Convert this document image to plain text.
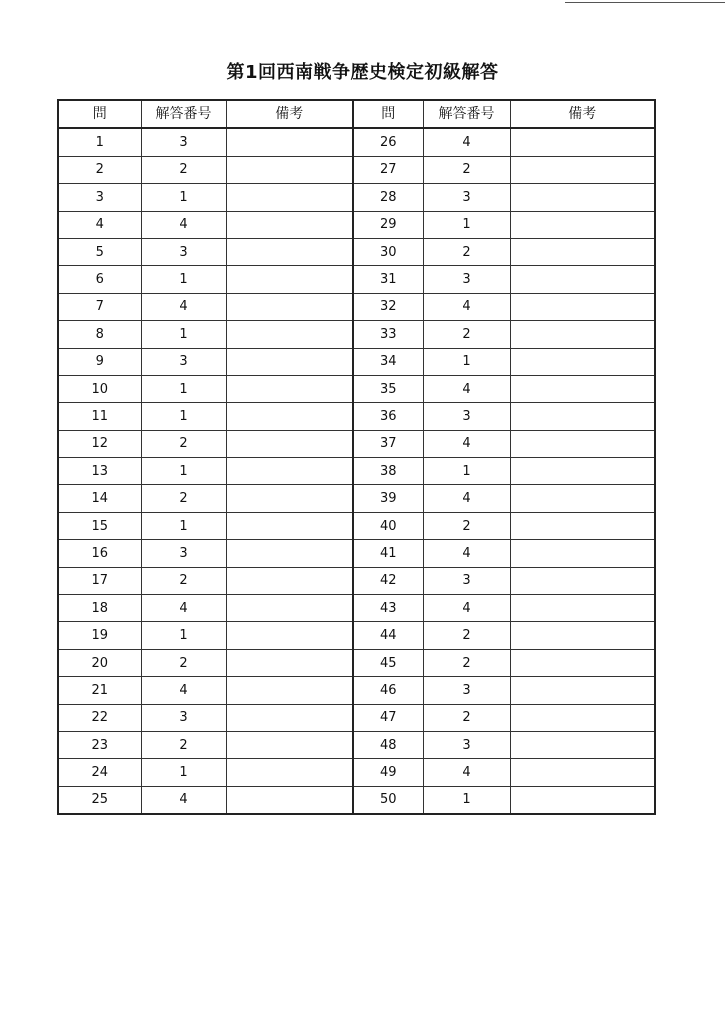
第1回西南戦争歴史検定初級解答
問	解答番号	備考	問	解答番号	備考
1	3		26	4	
2	2		27	2	
3	1		28	3	
4	4		29	1	
5	3		30	2	
6	1		31	3	
7	4		32	4	
8	1		33	2	
9	3		34	1	
10	1		35	4	
11	1		36	3	
12	2		37	4	
13	1		38	1	
14	2		39	4	
15	1		40	2	
16	3		41	4	
17	2		42	3	
18	4		43	4	
19	1		44	2	
20	2		45	2	
21	4		46	3	
22	3		47	2	
23	2		48	3	
24	1		49	4	
25	4		50	1	
